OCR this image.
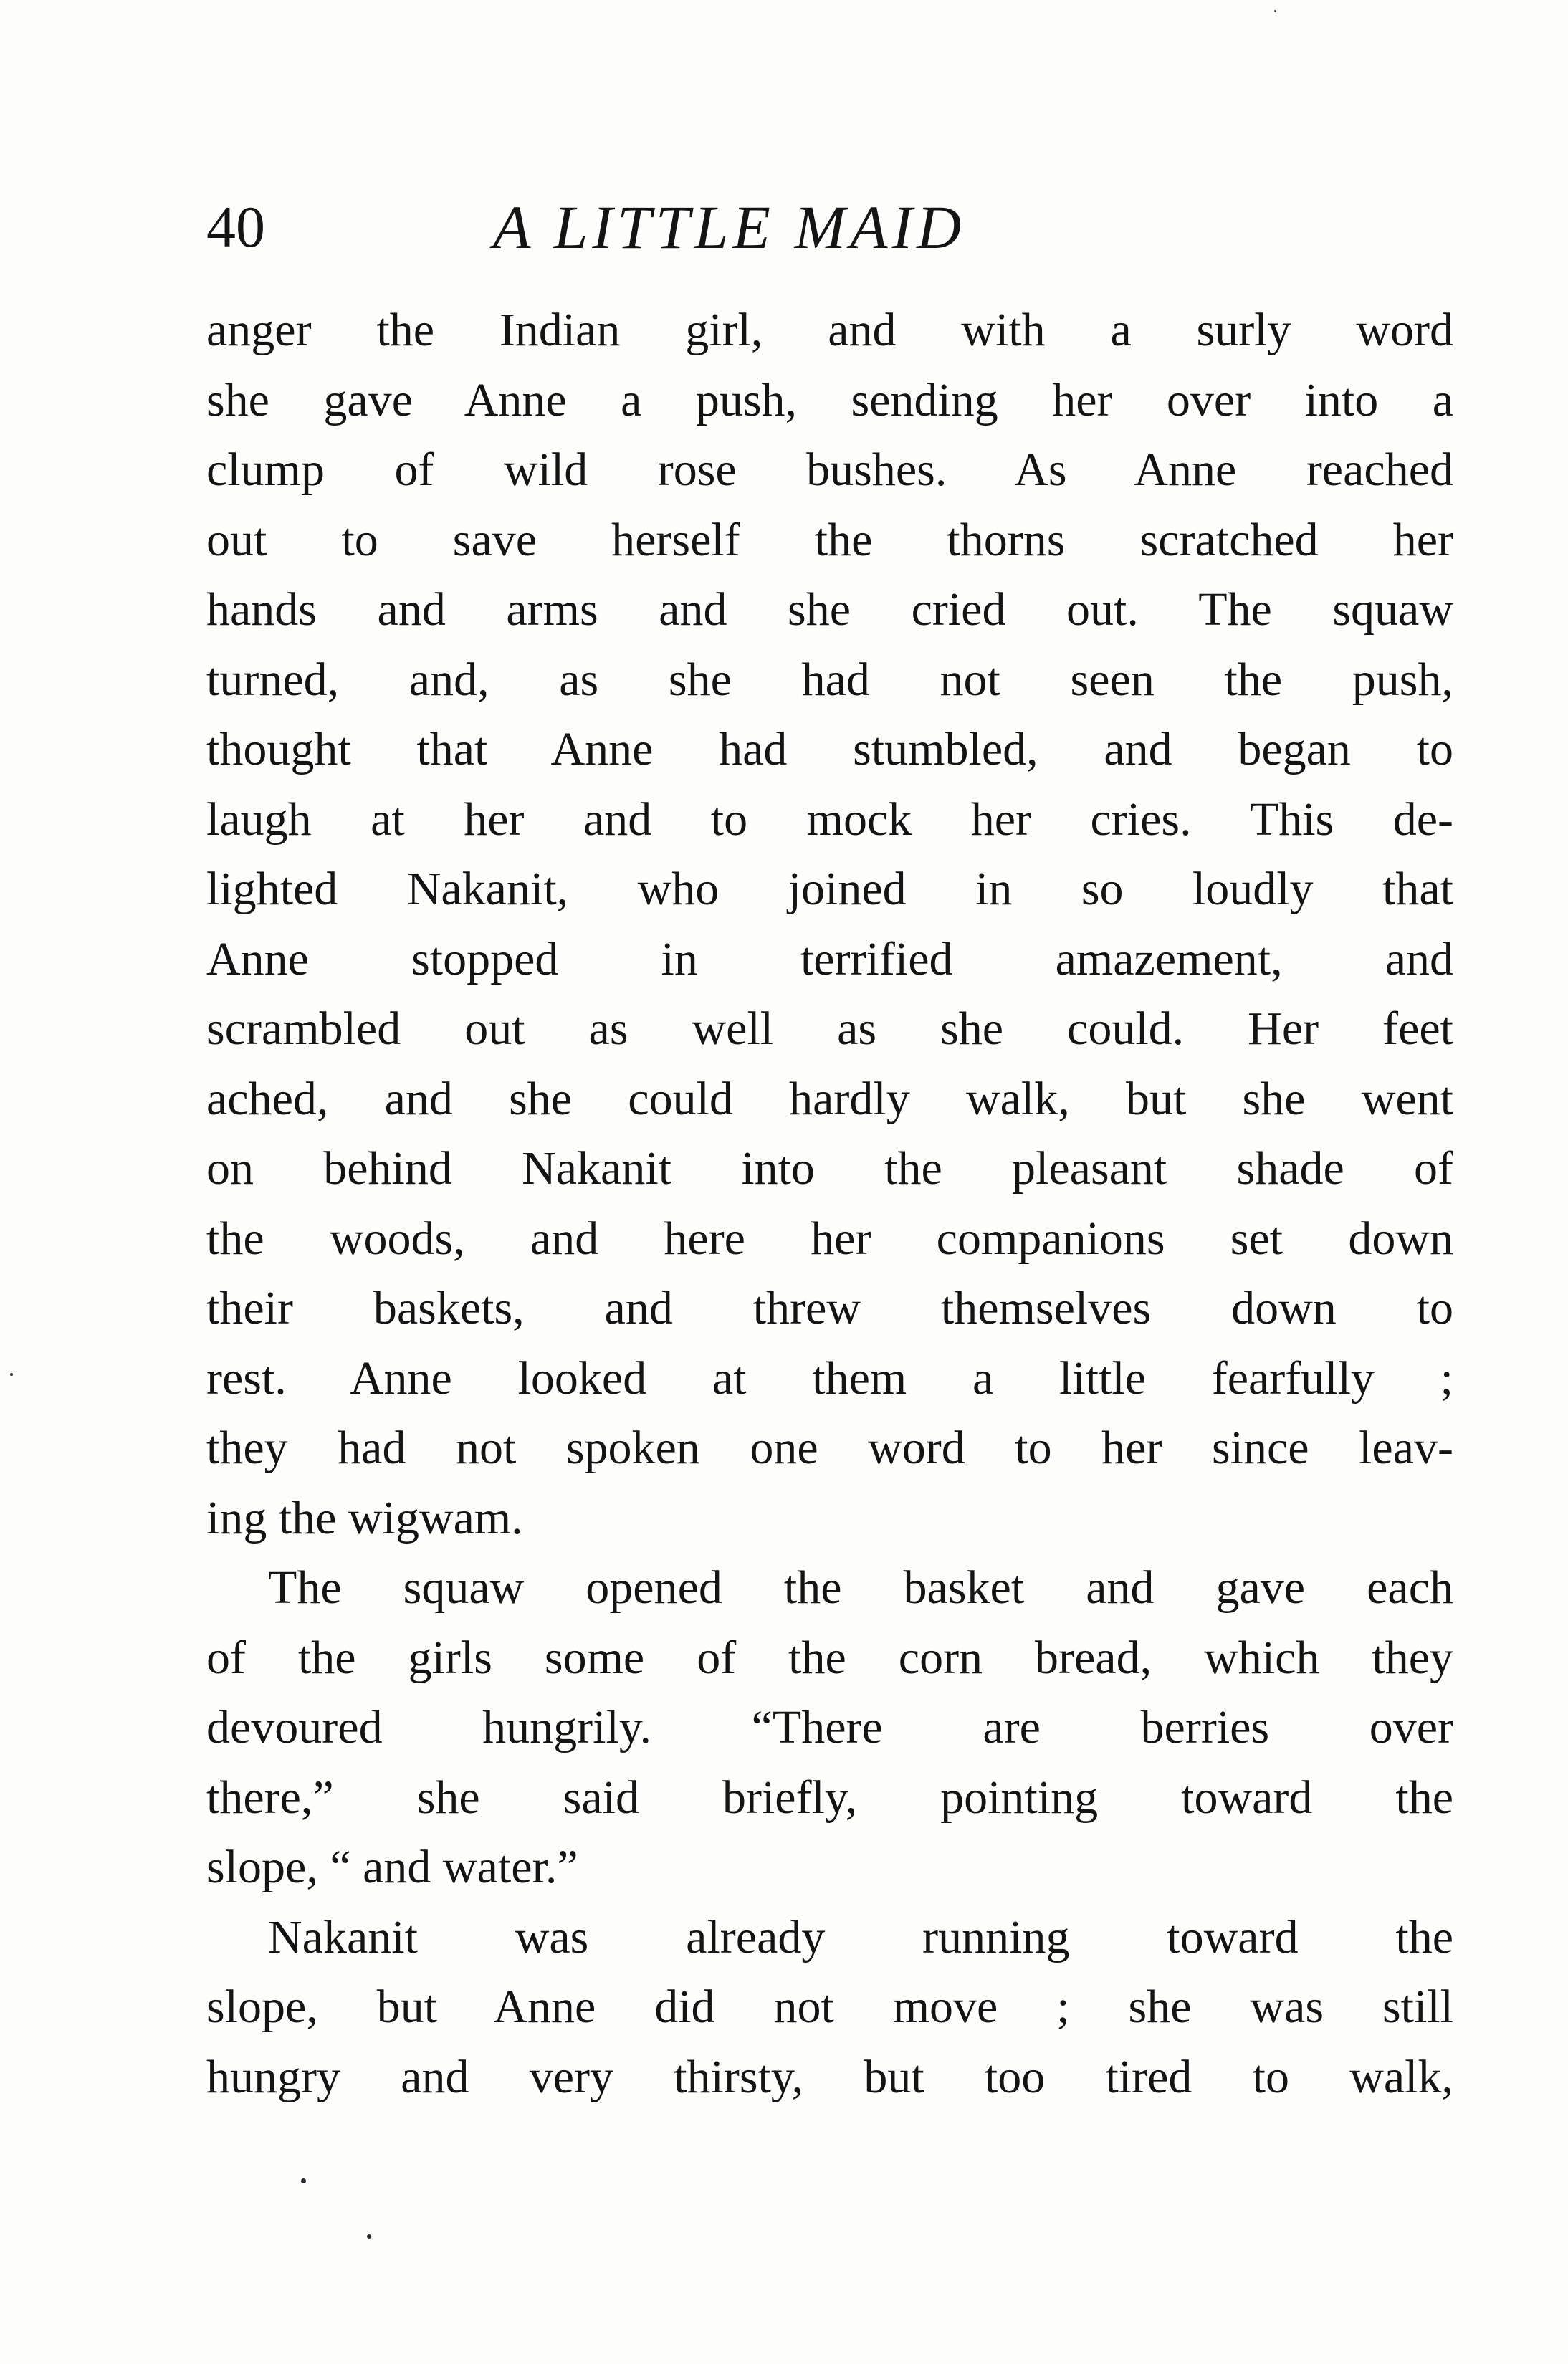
40	A LITTLE MAID
anger the Indian girl, and with a surly word
she gave Anne a push, sending her over into a
clump of wild rose bushes. As Anne reached
out to save herself the thorns scratched her
hands and arms and she cried out. The squaw
turned, and, as she had not seen the push,
thought that Anne had stumbled, and began to
laugh at her and to mock her cries. This de-
lighted Nakanit, who joined in so loudly that
Anne stopped in terrified amazement, and
scrambled out as well as she could. Her feet
ached, and she could hardly walk, but she went
on behind Nakanit into the pleasant shade of
the woods, and here her companions set down
their baskets, and threw themselves down to
rest. Anne looked at them a little fearfully ;
they had not spoken one word to her since leav-
ing the wigwam.
The squaw opened the basket and gave each
of the girls some of the corn bread, which they
devoured hungrily. “There are berries over
there,” she said briefly, pointing toward the
slope, “ and water.”
Nakanit was already running toward the
slope, but Anne did not move ; she was still
hungry and very thirsty, but too tired to walk,
